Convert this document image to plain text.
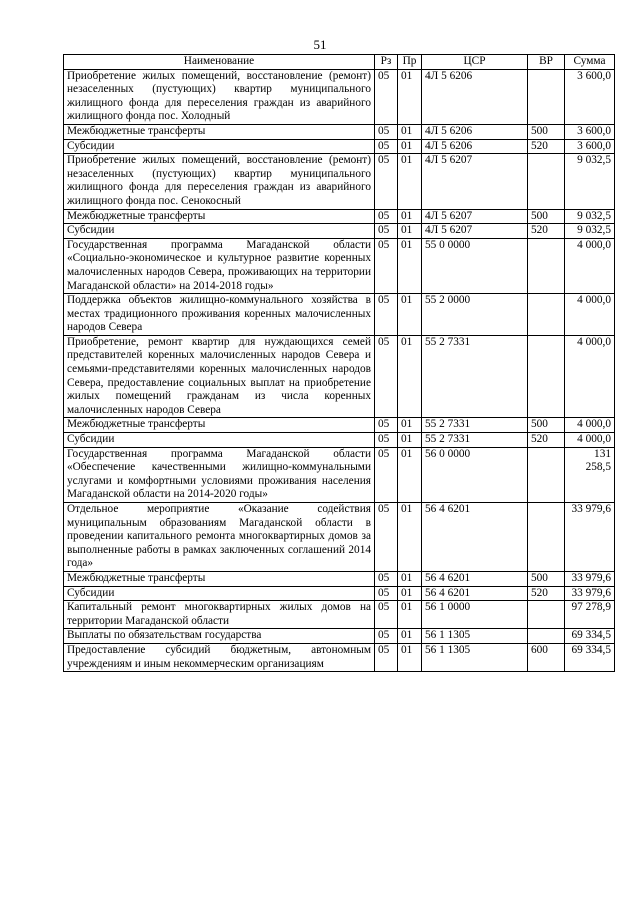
51
Наименование	Рз	Пр	ЦСР	ВР	Сумма
Приобретение жилых помещений, восстановление (ремонт) незаселенных (пустующих) квартир муниципального жилищного фонда для переселения граждан из аварийного жилищного фонда пос. Холодный	05	01	4Л 5 6206		3 600,0
Межбюджетные трансферты	05	01	4Л 5 6206	500	3 600,0
Субсидии	05	01	4Л 5 6206	520	3 600,0
Приобретение жилых помещений, восстановление (ремонт) незаселенных (пустующих) квартир муниципального жилищного фонда для переселения граждан из аварийного жилищного фонда пос. Сенокосный	05	01	4Л 5 6207		9 032,5
Межбюджетные трансферты	05	01	4Л 5 6207	500	9 032,5
Субсидии	05	01	4Л 5 6207	520	9 032,5
Государственная программа Магаданской области «Социально-экономическое и культурное развитие коренных малочисленных народов Севера, проживающих на территории Магаданской области» на 2014-2018 годы»	05	01	55 0 0000		4 000,0
Поддержка объектов жилищно-коммунального хозяйства в местах традиционного проживания коренных малочисленных народов Севера	05	01	55 2 0000		4 000,0
Приобретение, ремонт квартир для нуждающихся семей представителей коренных малочисленных народов Севера и семьями-представителями коренных малочисленных народов Севера, предоставление социальных выплат на приобретение жилых помещений гражданам из числа коренных малочисленных народов Севера	05	01	55 2 7331		4 000,0
Межбюджетные трансферты	05	01	55 2 7331	500	4 000,0
Субсидии	05	01	55 2 7331	520	4 000,0
Государственная программа Магаданской области «Обеспечение качественными жилищно-коммунальными услугами и комфортными условиями проживания населения Магаданской области на 2014-2020 годы»	05	01	56 0 0000		131 258,5
Отдельное мероприятие «Оказание содействия муниципальным образованиям Магаданской области в проведении капитального ремонта многоквартирных домов за выполненные работы в рамках заключенных соглашений 2014 года»	05	01	56 4 6201		33 979,6
Межбюджетные трансферты	05	01	56 4 6201	500	33 979,6
Субсидии	05	01	56 4 6201	520	33 979,6
Капитальный ремонт многоквартирных жилых домов на территории Магаданской области	05	01	56 1 0000		97 278,9
Выплаты по обязательствам государства	05	01	56 1 1305		69 334,5
Предоставление субсидий бюджетным, автономным учреждениям и иным некоммерческим организациям	05	01	56 1 1305	600	69 334,5
